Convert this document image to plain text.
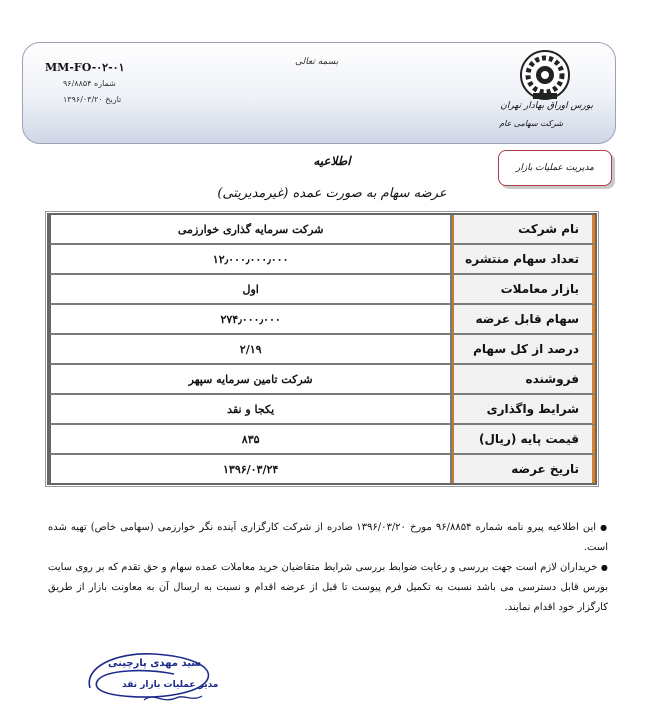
MM-FO-۰۲-۰۱
شماره ۹۶/۸۸۵۴
تاریخ ۱۳۹۶/۰۳/۲۰
بسمه تعالی
بورس اوراق بهادار تهران
شرکت سهامی عام
مدیریت عملیات بازار
اطلاعیه
عرضه سهام به صورت عمده (غیرمدیریتی)
شرکت سرمایه گذاری خوارزمی	نام شرکت
۱۲٫۰۰۰٫۰۰۰٫۰۰۰	تعداد سهام منتشره
اول	بازار معاملات
۲۷۴٫۰۰۰٫۰۰۰	سهام قابل عرضه
۲/۱۹	درصد از کل سهام
شرکت تامین سرمایه سپهر	فروشنده
یکجا و نقد	شرایط واگذاری
۸۳۵	قیمت پایه (ریال)
۱۳۹۶/۰۳/۲۴	تاریخ عرضه

● این اطلاعیه پیرو نامه شماره ۹۶/۸۸۵۴ مورخ ۱۳۹۶/۰۳/۲۰ صادره از شرکت کارگزاری آینده نگر خوارزمی (سهامی خاص) تهیه شده است.

● خریداران لازم است جهت بررسی و رعایت ضوابط بررسی شرایط متقاضیان خرید معاملات عمده سهام و حق تقدم که بر روی سایت بورس قابل دسترسی می باشد نسبت به تکمیل فرم پیوست تا قبل از عرضه اقدام و نسبت به ارسال آن به معاونت بازار از طریق کارگزار خود اقدام نمایند.

سید مهدی پارچینی
مدیر عملیات بازار نقد
